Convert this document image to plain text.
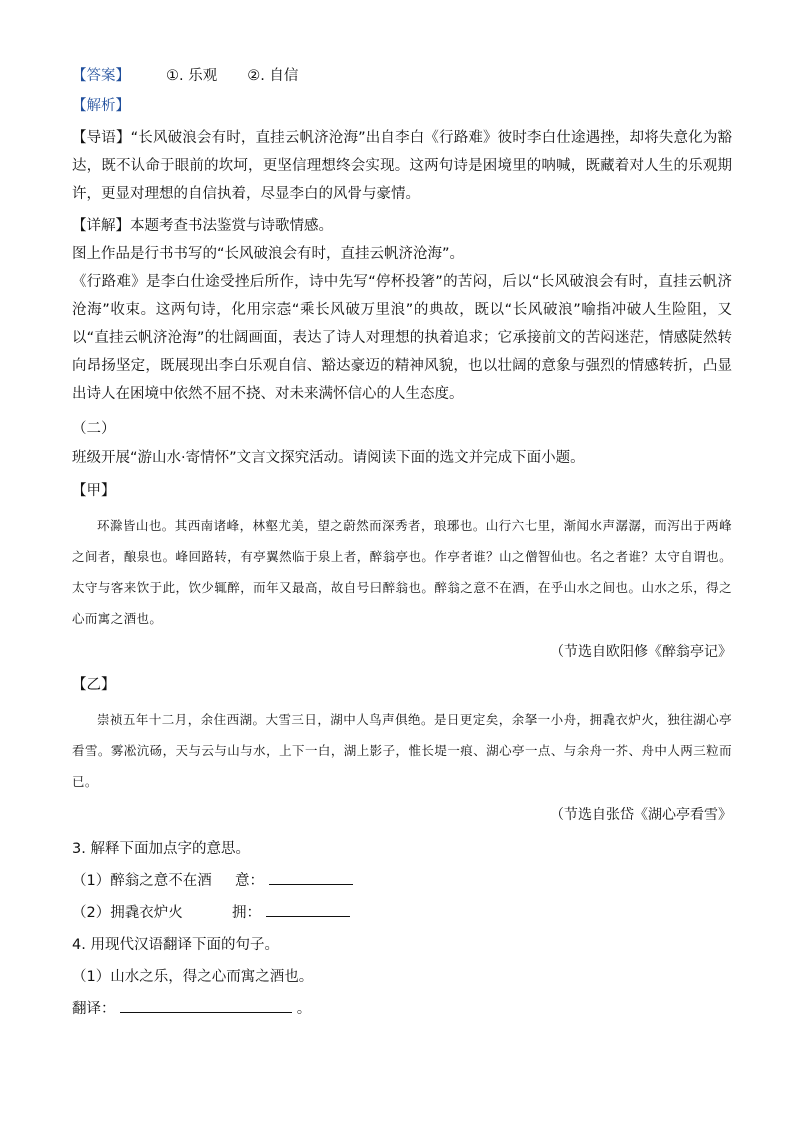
【答案】 ①. 乐观 ②. 自信

【解析】

【导语】“长风破浪会有时，直挂云帆济沧海”出自李白《行路难》彼时李白仕途遇挫，却将失意化为豁达，既不认命于眼前的坎坷，更坚信理想终会实现。这两句诗是困境里的呐喊，既藏着对人生的乐观期许，更显对理想的自信执着，尽显李白的风骨与豪情。

【详解】本题考查书法鉴赏与诗歌情感。

图上作品是行书书写的“长风破浪会有时，直挂云帆济沧海”。

《行路难》是李白仕途受挫后所作，诗中先写“停杯投箸”的苦闷，后以“长风破浪会有时，直挂云帆济沧海”收束。这两句诗，化用宗悫“乘长风破万里浪”的典故，既以“长风破浪”喻指冲破人生险阻，又以“直挂云帆济沧海”的壮阔画面，表达了诗人对理想的执着追求；它承接前文的苦闷迷茫，情感陡然转向昂扬坚定，既展现出李白乐观自信、豁达豪迈的精神风貌，也以壮阔的意象与强烈的情感转折，凸显出诗人在困境中依然不屈不挠、对未来满怀信心的人生态度。

（二）

班级开展“游山水·寄情怀”文言文探究活动。请阅读下面的选文并完成下面小题。

【甲】

环滁皆山也。其西南诸峰，林壑尤美，望之蔚然而深秀者，琅琊也。山行六七里，渐闻水声潺潺，而泻出于两峰之间者，酿泉也。峰回路转，有亭翼然临于泉上者，醉翁亭也。作亭者谁？山之僧智仙也。名之者谁？太守自谓也。太守与客来饮于此，饮少辄醉，而年又最高，故自号曰醉翁也。醉翁之意不在酒，在乎山水之间也。山水之乐，得之心而寓之酒也。

（节选自欧阳修《醉翁亭记》

【乙】

崇祯五年十二月，余住西湖。大雪三日，湖中人鸟声俱绝。是日更定矣，余拏一小舟，拥毳衣炉火，独往湖心亭看雪。雾凇沆砀，天与云与山与水，上下一白，湖上影子，惟长堤一痕、湖心亭一点、与余舟一芥、舟中人两三粒而已。

（节选自张岱《湖心亭看雪》

3. 解释下面加点字的意思。

（1）醉翁之意不在酒 意：

（2）拥毳衣炉火	拥：

4. 用现代汉语翻译下面的句子。

（1）山水之乐，得之心而寓之酒也。

翻译：	。
